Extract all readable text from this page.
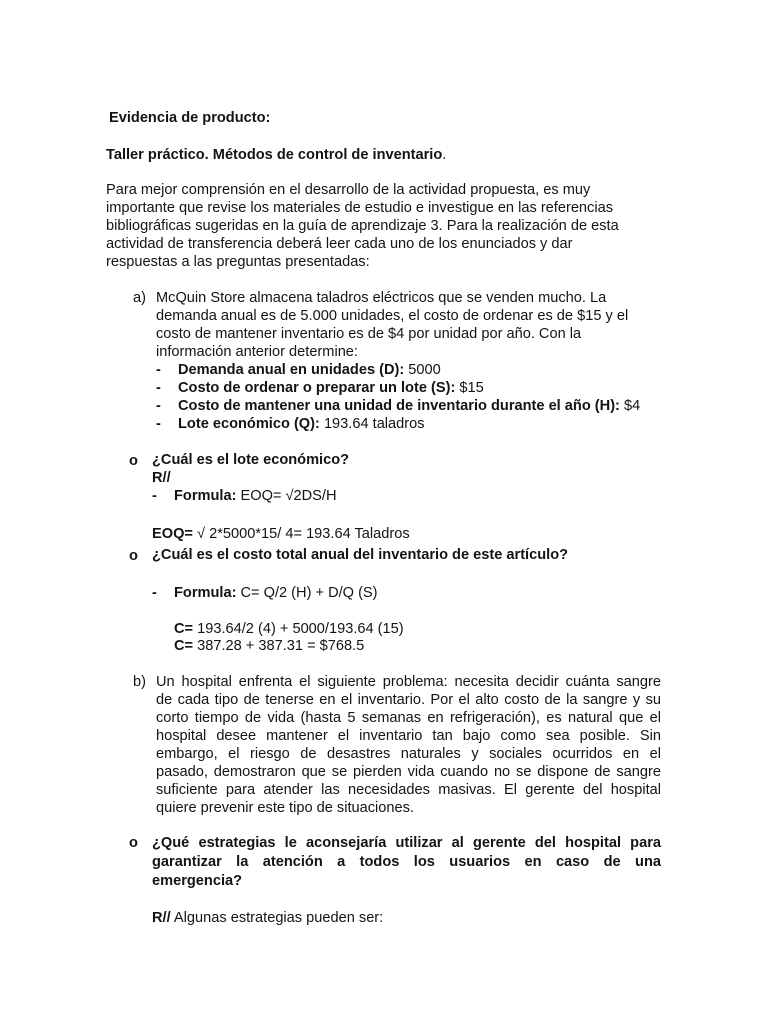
Evidencia de producto:
Taller práctico. Métodos de control de inventario.
Para mejor comprensión en el desarrollo de la actividad propuesta, es muy
importante que revise los materiales de estudio e investigue en las referencias
bibliográficas sugeridas en la guía de aprendizaje 3. Para la realización de esta
actividad de transferencia deberá leer cada uno de los enunciados y dar
respuestas a las preguntas presentadas:
a) McQuin Store almacena taladros eléctricos que se venden mucho. La
demanda anual es de 5.000 unidades, el costo de ordenar es de $15 y el
costo de mantener inventario es de $4 por unidad por año. Con la
información anterior determine:
- Demanda anual en unidades (D): 5000
- Costo de ordenar o preparar un lote (S): $15
- Costo de mantener una unidad de inventario durante el año (H): $4
- Lote económico (Q): 193.64 taladros
o ¿Cuál es el lote económico?
R//
- Formula: EOQ= √2DS/H
EOQ= √ 2*5000*15/ 4= 193.64 Taladros
o ¿Cuál es el costo total anual del inventario de este artículo?
- Formula: C= Q/2 (H) + D/Q (S)
C= 193.64/2 (4) + 5000/193.64 (15)
C= 387.28 + 387.31 = $768.5
b) Un hospital enfrenta el siguiente problema: necesita decidir cuánta sangre
de cada tipo de tenerse en el inventario. Por el alto costo de la sangre y su
corto tiempo de vida (hasta 5 semanas en refrigeración), es natural que el
hospital desee mantener el inventario tan bajo como sea posible. Sin
embargo, el riesgo de desastres naturales y sociales ocurridos en el
pasado, demostraron que se pierden vida cuando no se dispone de sangre
suficiente para atender las necesidades masivas. El gerente del hospital
quiere prevenir este tipo de situaciones.
o ¿Qué estrategias le aconsejaría utilizar al gerente del hospital para
garantizar la atención a todos los usuarios en caso de una
emergencia?
R// Algunas estrategias pueden ser:
